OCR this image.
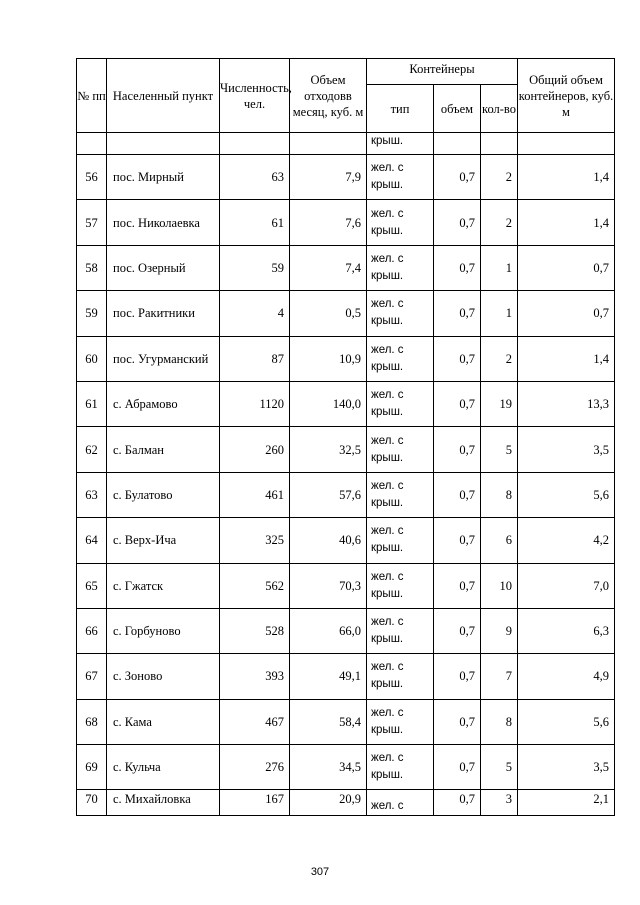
№ пп	Населенный пункт	Численность, чел.	Объем отходовв месяц, куб. м	Контейнеры			Общий объем контейнеров, куб. м
				тип	объем	кол-во	
				крыш.			
56	пос. Мирный	63	7,9	жел. с крыш.	0,7	2	1,4
57	пос. Николаевка	61	7,6	жел. с крыш.	0,7	2	1,4
58	пос. Озерный	59	7,4	жел. с крыш.	0,7	1	0,7
59	пос. Ракитники	4	0,5	жел. с крыш.	0,7	1	0,7
60	пос. Угурманский	87	10,9	жел. с крыш.	0,7	2	1,4
61	с. Абрамово	1120	140,0	жел. с крыш.	0,7	19	13,3
62	с. Балман	260	32,5	жел. с крыш.	0,7	5	3,5
63	с. Булатово	461	57,6	жел. с крыш.	0,7	8	5,6
64	с. Верх-Ича	325	40,6	жел. с крыш.	0,7	6	4,2
65	с. Гжатск	562	70,3	жел. с крыш.	0,7	10	7,0
66	с. Горбуново	528	66,0	жел. с крыш.	0,7	9	6,3
67	с. Зоново	393	49,1	жел. с крыш.	0,7	7	4,9
68	с. Кама	467	58,4	жел. с крыш.	0,7	8	5,6
69	с. Кульча	276	34,5	жел. с крыш.	0,7	5	3,5
70	с. Михайловка	167	20,9	жел. с	0,7	3	2,1
307
